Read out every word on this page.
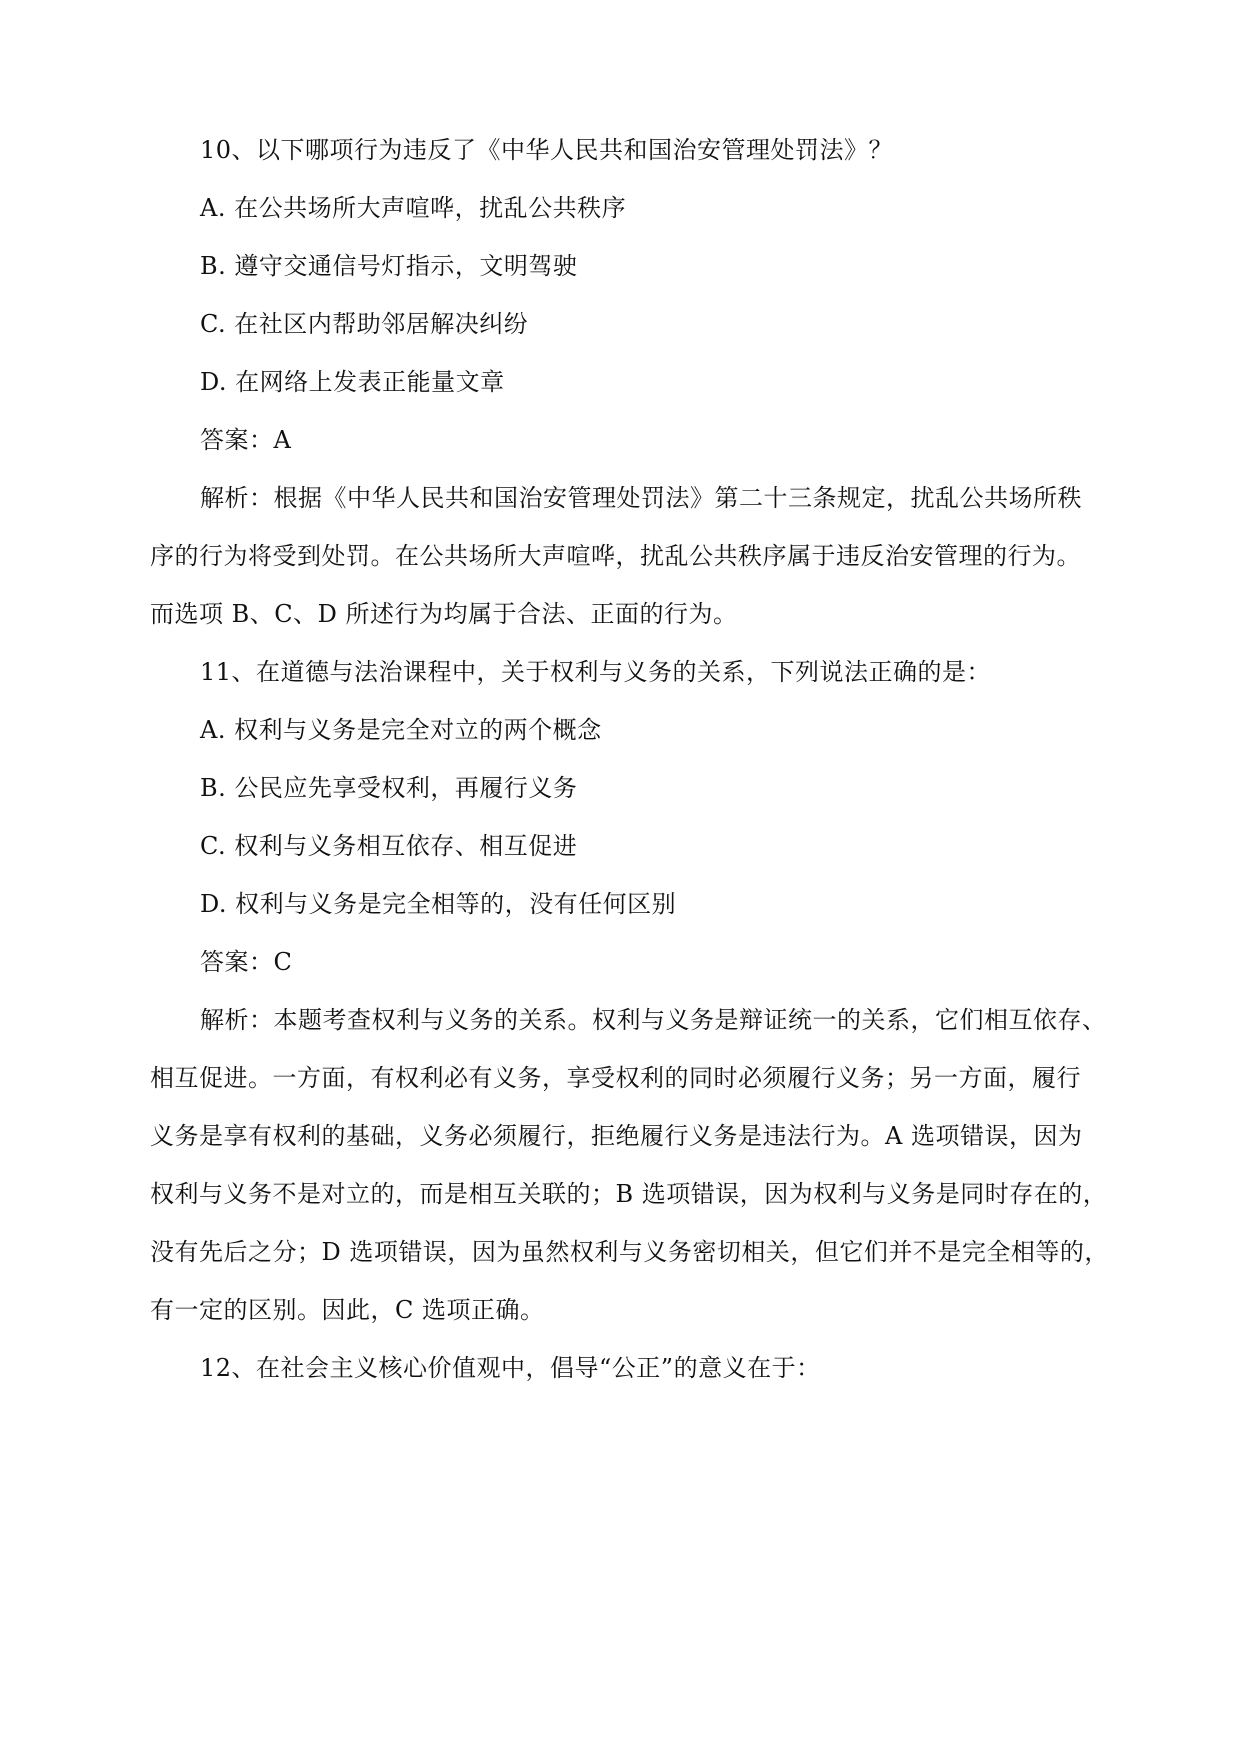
10、以下哪项行为违反了《中华人民共和国治安管理处罚法》？
A. 在公共场所大声喧哗，扰乱公共秩序
B. 遵守交通信号灯指示，文明驾驶
C. 在社区内帮助邻居解决纠纷
D. 在网络上发表正能量文章
答案：A
解析：根据《中华人民共和国治安管理处罚法》第二十三条规定，扰乱公共场所秩
序的行为将受到处罚。在公共场所大声喧哗，扰乱公共秩序属于违反治安管理的行为。
而选项 B、C、D 所述行为均属于合法、正面的行为。
11、在道德与法治课程中，关于权利与义务的关系，下列说法正确的是：
A. 权利与义务是完全对立的两个概念
B. 公民应先享受权利，再履行义务
C. 权利与义务相互依存、相互促进
D. 权利与义务是完全相等的，没有任何区别
答案：C
解析：本题考查权利与义务的关系。权利与义务是辩证统一的关系，它们相互依存、
相互促进。一方面，有权利必有义务，享受权利的同时必须履行义务；另一方面，履行
义务是享有权利的基础，义务必须履行，拒绝履行义务是违法行为。A 选项错误，因为
权利与义务不是对立的，而是相互关联的；B 选项错误，因为权利与义务是同时存在的，
没有先后之分；D 选项错误，因为虽然权利与义务密切相关，但它们并不是完全相等的，
有一定的区别。因此，C 选项正确。
12、在社会主义核心价值观中，倡导“公正”的意义在于：
